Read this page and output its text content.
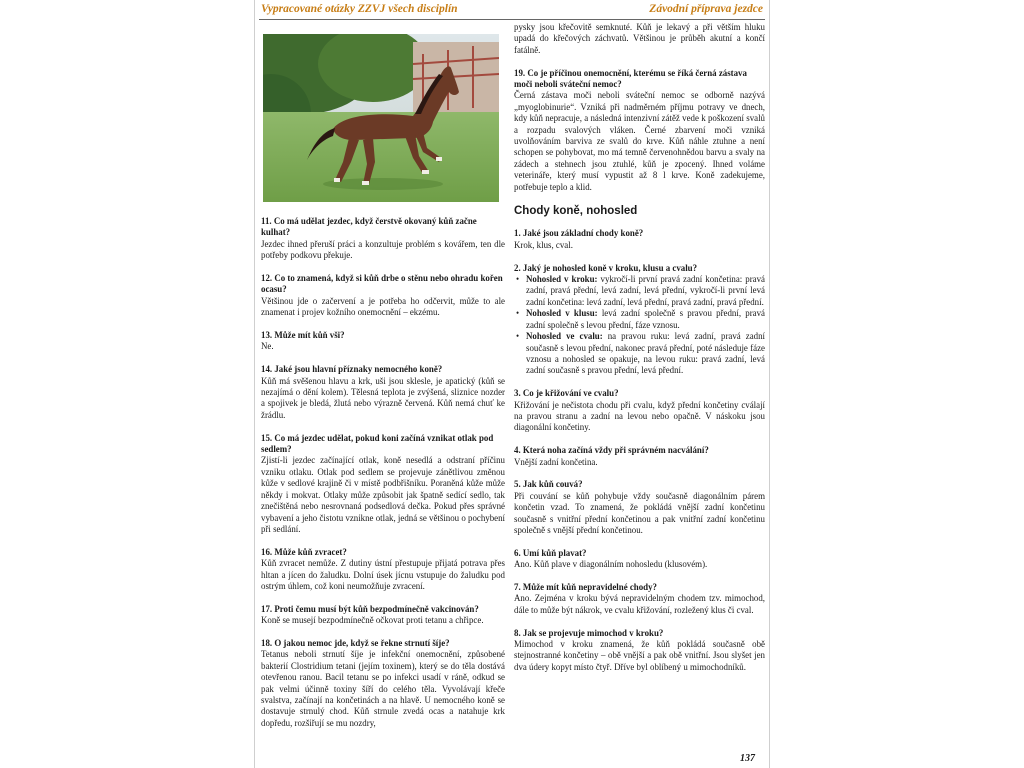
Vypracované otázky ZZVJ všech disciplín	Závodní příprava jezdce

11. Co má udělat jezdec, když čerstvě okovaný kůň začne kulhat?

Jezdec ihned přeruší práci a konzultuje problém s kovářem, ten dle potřeby podkovu překuje.

12. Co to znamená, když si kůň drbe o stěnu nebo ohradu kořen ocasu?

Většinou jde o začervení a je potřeba ho odčervit, může to ale znamenat i projev kožního onemocnění – ekzému.

13. Může mít kůň vši?

Ne.

14. Jaké jsou hlavní příznaky nemocného koně?

Kůň má svěšenou hlavu a krk, uši jsou sklesle, je apatický (kůň se nezajímá o dění kolem). Tělesná teplota je zvýšená, sliznice nozder a spojivek je bledá, žlutá nebo výrazně červená. Kůň nemá chuť ke žrádlu.

15. Co má jezdec udělat, pokud koni začíná vznikat otlak pod sedlem?

Zjistí-li jezdec začínající otlak, koně nesedlá a odstraní příčinu vzniku otlaku. Otlak pod sedlem se projevuje zánětlivou změnou kůže v sedlové krajině či v místě podbřišníku. Poraněná kůže může někdy i mokvat. Otlaky může způsobit jak špatně sedící sedlo, tak znečištěná nebo nesrovnaná podsedlová dečka. Pokud přes správné vybavení a jeho čistotu vznikne otlak, jedná se většinou o pochybení při sedlání.

16. Může kůň zvracet?

Kůň zvracet nemůže. Z dutiny ústní přestupuje přijatá potrava přes hltan a jícen do žaludku. Dolní úsek jícnu vstupuje do žaludku pod ostrým úhlem, což koni neumožňuje zvracení.

17. Proti čemu musí být kůň bezpodmínečně vakcinován?

Koně se musejí bezpodmínečně očkovat proti tetanu a chřipce.

18. O jakou nemoc jde, když se řekne strnutí šíje?

Tetanus neboli strnutí šíje je infekční onemocnění, způsobené bakterií Clostridium tetani (jejím toxinem), který se do těla dostává otevřenou ranou. Bacil tetanu se po infekci usadí v ráně, odkud se pak velmi účinně toxiny šíří do celého těla. Vyvolávají křeče svalstva, začínají na končetinách a na hlavě. U nemocného koně se dostavuje strnulý chod. Kůň strnule zvedá ocas a natahuje krk dopředu, rozšiřují se mu nozdry,

pysky jsou křečovitě semknuté. Kůň je lekavý a při větším hluku upadá do křečových záchvatů. Většinou je průběh akutní a končí fatálně.

19. Co je příčinou onemocnění, kterému se říká černá zástava moči neboli sváteční nemoc?

Černá zástava moči neboli sváteční nemoc se odborně nazývá „myoglobinurie“. Vzniká při nadměrném příjmu potravy ve dnech, kdy kůň nepracuje, a následná intenzivní zátěž vede k poškození svalů a rozpadu svalových vláken. Černé zbarvení moči vzniká uvolňováním barviva ze svalů do krve. Kůň náhle ztuhne a není schopen se pohybovat, mo má temně červenohnědou barvu a svaly na zádech a stehnech jsou ztuhlé, kůň je zpocený. Ihned voláme veterináře, který musí vypustit až 8 l krve. Koně zadekujeme, potřebuje teplo a klid.

Chody koně, nohosled

1. Jaké jsou základní chody koně?

Krok, klus, cval.

2. Jaký je nohosled koně v kroku, klusu a cvalu?

• Nohosled v kroku: vykročí-li první pravá zadní končetina: pravá zadní, pravá přední, levá zadní, levá přední, vykročí-li první levá zadní končetina: levá zadní, levá přední, pravá zadní, pravá přední.
• Nohosled v klusu: levá zadní společně s pravou přední, pravá zadní společně s levou přední, fáze vznosu.
• Nohosled ve cvalu: na pravou ruku: levá zadní, pravá zadní současně s levou přední, nakonec pravá přední, poté následuje fáze vznosu a nohosled se opakuje, na levou ruku: pravá zadní, levá zadní současně s pravou přední, levá přední.

3. Co je křižování ve cvalu?

Křižování je nečistota chodu při cvalu, když přední končetiny cválají na pravou stranu a zadní na levou nebo opačně. V náskoku jsou diagonální končetiny.

4. Která noha začíná vždy při správném nacválání?

Vnější zadní končetina.

5. Jak kůň couvá?

Při couvání se kůň pohybuje vždy současně diagonálním párem končetin vzad. To znamená, že pokládá vnější zadní končetinu současně s vnitřní přední končetinou a pak vnitřní zadní končetinu společně s vnější přední končetinou.

6. Umí kůň plavat?

Ano. Kůň plave v diagonálním nohosledu (klusovém).

7. Může mít kůň nepravidelné chody?

Ano. Zejména v kroku bývá nepravidelným chodem tzv. mimochod, dále to může být nákrok, ve cvalu křižování, rozležený klus či cval.

8. Jak se projevuje mimochod v kroku?

Mimochod v kroku znamená, že kůň pokládá současně obě stejnostranné končetiny – obě vnější a pak obě vnitřní. Jsou slyšet jen dva údery kopyt místo čtyř. Dříve byl oblíbený u mimochodníků.

137
